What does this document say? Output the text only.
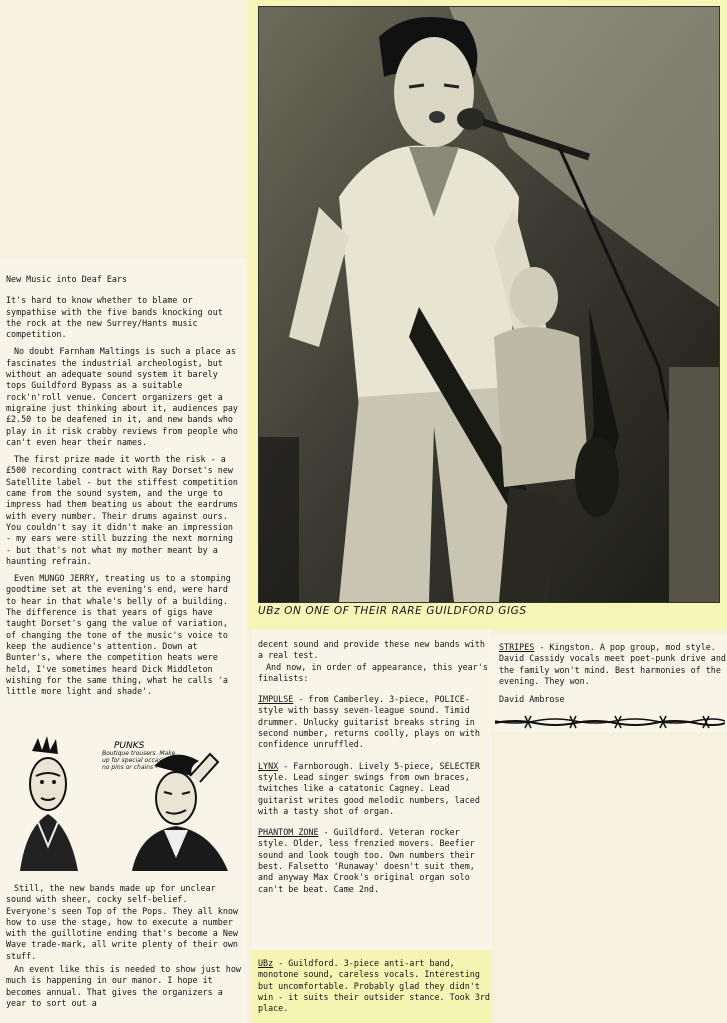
New Music into Deaf Ears

It's hard to know whether to blame or sympathise with the five bands knocking out the rock at the new Surrey/Hants music competition.

No doubt Farnham Maltings is such a place as fascinates the industrial archeologist, but without an adequate sound system it barely tops Guildford Bypass as a suitable rock'n'roll venue. Concert organizers get a migraine just thinking about it, audiences pay £2.50 to be deafened in it, and new bands who play in it risk crabby reviews from people who can't even hear their names.

The first prize made it worth the risk - a £500 recording contract with Ray Dorset's new Satellite label - but the stiffest competition came from the sound system, and the urge to impress had them beating us about the eardrums with every number. Their drums against ours. You couldn't say it didn't make an impression - my ears were still buzzing the next morning - but that's not what my mother meant by a haunting refrain.

Even MUNGO JERRY, treating us to a stomping goodtime set at the evening's end, were hard to hear in that whale's belly of a building. The difference is that years of gigs have taught Dorset's gang the value of variation, of changing the tone of the music's voice to keep the audience's attention. Down at Bunter's, where the competition heats were held, I've sometimes heard Dick Middleton wishing for the same thing, what he calls 'a little more light and shade'.

PUNKS
Boutique trousers. Make up for special occasions no pins or chains -

Still, the new bands made up for unclear sound with sheer, cocky self-belief. Everyone's seen Top of the Pops. They all know how to use the stage, how to execute a number with the guillotine ending that's become a New Wave trade-mark, all write plenty of their own stuff.

An event like this is needed to show just how much is happening in our manor. I hope it becomes annual. That gives the organizers a year to sort out a

UBz ON ONE OF THEIR RARE GUILDFORD GIGS

decent sound and provide these new bands with a real test.

And now, in order of appearance, this year's finalists:

IMPULSE - from Camberley. 3-piece, POLICE-style with bassy seven-league sound. Timid drummer. Unlucky guitarist breaks string in second number, returns coolly, plays on with confidence unruffled.

LYNX - Farnborough. Lively 5-piece, SELECTER style. Lead singer swings from own braces, twitches like a catatonic Cagney. Lead guitarist writes good melodic numbers, laced with a tasty shot of organ.

PHANTOM ZONE - Guildford. Veteran rocker style. Older, less frenzied movers. Beefier sound and look tough too. Own numbers their best. Falsetto 'Runaway' doesn't suit them, and anyway Max Crook's original organ solo can't be beat. Came 2nd.

UBz - Guildford. 3-piece anti-art band, monotone sound, careless vocals. Interesting but uncomfortable. Probably glad they didn't win - it suits their outsider stance. Took 3rd place.
STRIPES - Kingston. A pop group, mod style. David Cassidy vocals meet poet-punk drive and the family won't mind. Best harmonies of the evening. They won.
David Ambrose
